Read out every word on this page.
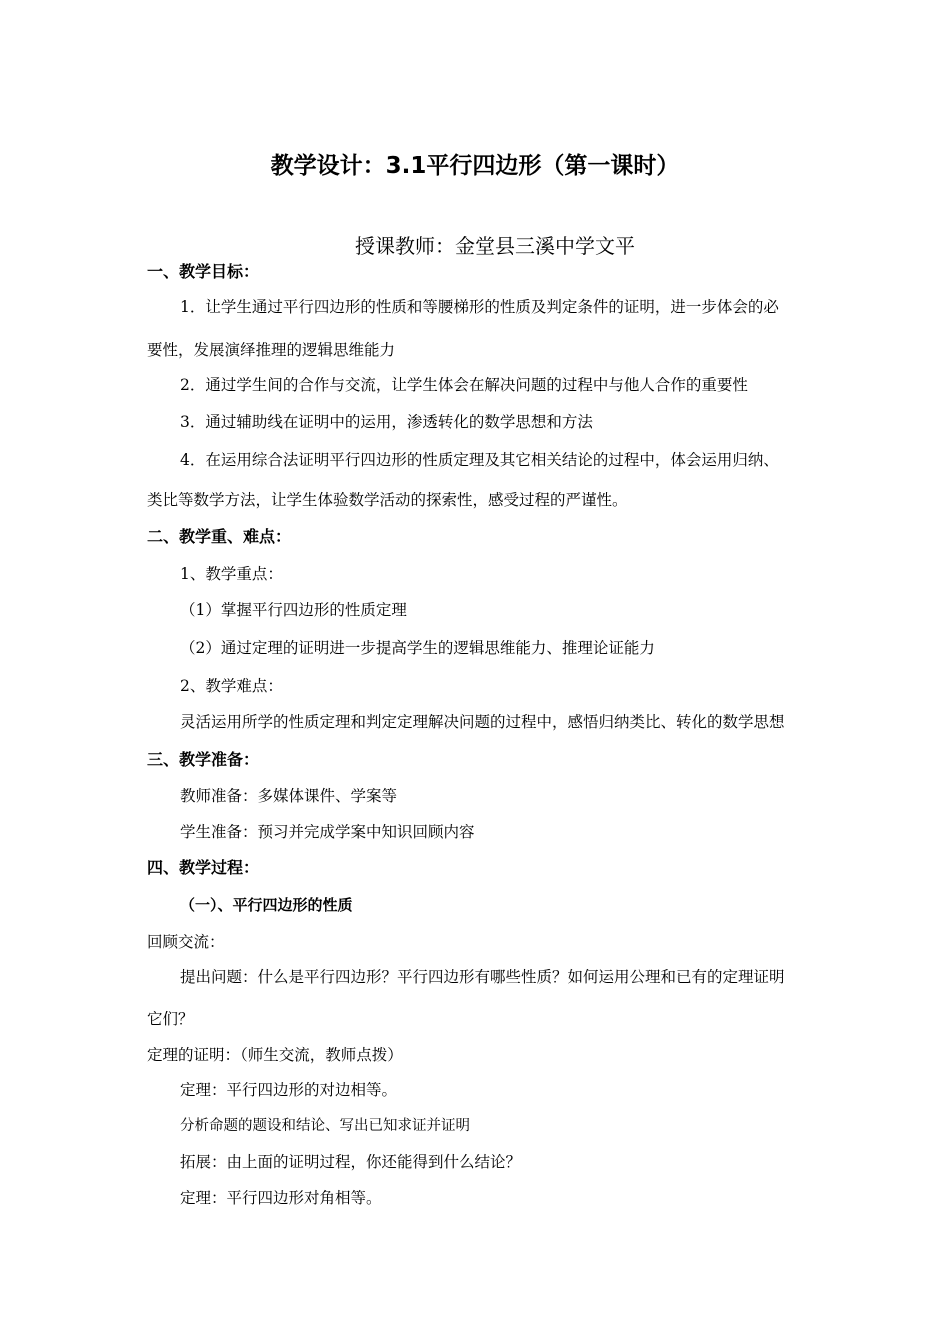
教学设计：3.1平行四边形（第一课时）
授课教师：金堂县三溪中学文平
一、教学目标：
1．让学生通过平行四边形的性质和等腰梯形的性质及判定条件的证明，进一步体会的必
要性，发展演绎推理的逻辑思维能力
2．通过学生间的合作与交流，让学生体会在解决问题的过程中与他人合作的重要性
3．通过辅助线在证明中的运用，渗透转化的数学思想和方法
4．在运用综合法证明平行四边形的性质定理及其它相关结论的过程中，体会运用归纳、
类比等数学方法，让学生体验数学活动的探索性，感受过程的严谨性。
二、教学重、难点：
1、教学重点：
（1）掌握平行四边形的性质定理
（2）通过定理的证明进一步提高学生的逻辑思维能力、推理论证能力
2、教学难点：
灵活运用所学的性质定理和判定定理解决问题的过程中，感悟归纳类比、转化的数学思想
三、教学准备：
教师准备：多媒体课件、学案等
学生准备：预习并完成学案中知识回顾内容
四、教学过程：
（一）、平行四边形的性质
回顾交流：
提出问题：什么是平行四边形？平行四边形有哪些性质？如何运用公理和已有的定理证明
它们？
定理的证明：（师生交流，教师点拨）
定理：平行四边形的对边相等。
分析命题的题设和结论、写出已知求证并证明
拓展：由上面的证明过程，你还能得到什么结论？
定理：平行四边形对角相等。
